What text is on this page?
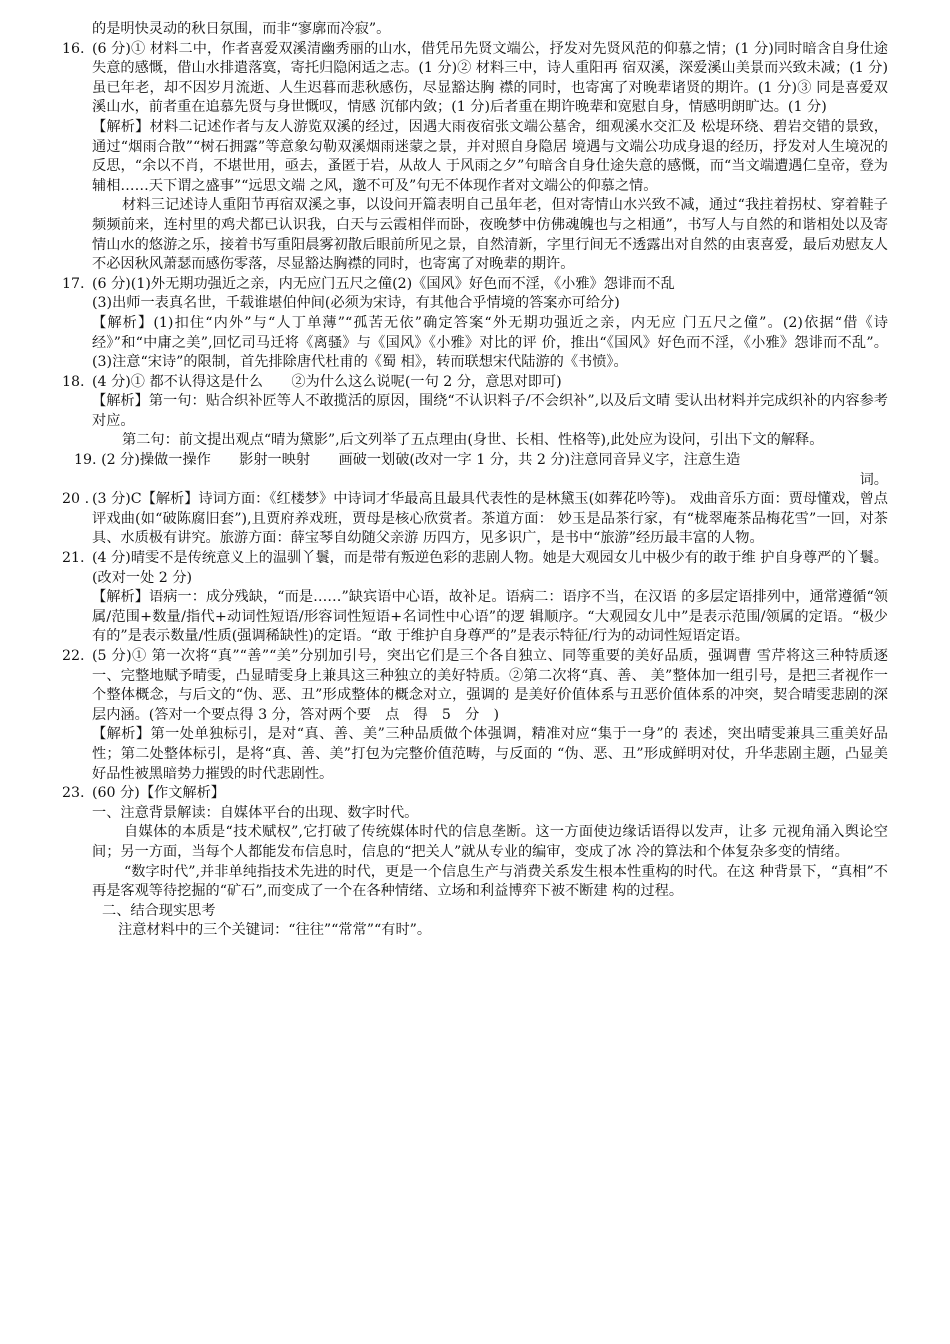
的是明快灵动的秋日氛围，而非“寥廓而冷寂”。

16. (6 分)① 材料二中，作者喜爱双溪清幽秀丽的山水，借凭吊先贤文端公，抒发对先贤风范的仰慕之情；(1 分)同时暗含自身仕途失意的感慨，借山水排遣落寞，寄托归隐闲适之志。(1 分)② 材料三中，诗人重阳再 宿双溪，深爱溪山美景而兴致未减；(1 分)虽已年老，却不因岁月流逝、人生迟暮而悲秋感伤，尽显豁达胸 襟的同时，也寄寓了对晚辈诸贤的期许。(1 分)③ 同是喜爱双溪山水，前者重在追慕先贤与身世慨叹，情感 沉郁内敛；(1 分)后者重在期许晚辈和宽慰自身，情感明朗旷达。(1 分)

【解析】材料二记述作者与友人游览双溪的经过，因遇大雨夜宿张文端公墓舍，细观溪水交汇及 松堤环绕、碧岩交错的景致，通过“烟雨合散”“树石拥露”等意象勾勒双溪烟雨迷蒙之景，并对照自身隐居 境遇与文端公功成身退的经历，抒发对人生境况的反思，“余以不肖，不堪世用，亟去，蚤匿于岩，从故人 于风雨之夕”句暗含自身仕途失意的感慨，而“当文端遭遇仁皇帝，登为辅相……天下谓之盛事”“远思文端 之风，邈不可及”句无不体现作者对文端公的仰慕之情。

材料三记述诗人重阳节再宿双溪之事，以设问开篇表明自己虽年老，但对寄情山水兴致不减，通过“我拄着拐杖、穿着鞋子频频前来，连村里的鸡犬都已认识我，白天与云霞相伴而卧，夜晚梦中仿佛魂魄也与之相通”，书写人与自然的和谐相处以及寄情山水的悠游之乐，接着书写重阳晨雾初散后眼前所见之景，自然清新，字里行间无不透露出对自然的由衷喜爱，最后劝慰友人不必因秋风萧瑟而感伤零落，尽显豁达胸襟的同时，也寄寓了对晚辈的期许。

17. (6 分)(1)外无期功强近之亲，内无应门五尺之僮(2)《国风》好色而不淫，《小雅》怨诽而不乱

(3)出师一表真名世，千载谁堪伯仲间(必须为宋诗，有其他合乎情境的答案亦可给分)

【解析】(1)扣住“内外”与“人丁单薄”“孤苦无依”确定答案“外无期功强近之亲，内无应 门五尺之僮”。(2)依据“借《诗经》”和“中庸之美”,回忆司马迁将《离骚》与《国风》《小雅》对比的评 价，推出“《国风》好色而不淫，《小雅》怨诽而不乱”。(3)注意“宋诗”的限制，首先排除唐代杜甫的《蜀 相》，转而联想宋代陆游的《书愤》。

18. (4 分)① 都不认得这是什么　　②为什么这么说呢(一句 2 分，意思对即可)

【解析】第一句：贴合织补匠等人不敢揽活的原因，围绕“不认识料子/不会织补”,以及后文晴 雯认出材料并完成织补的内容参考对应。

第二句：前文提出观点“晴为黛影”,后文列举了五点理由(身世、长相、性格等),此处应为设问，引出下文的解释。

19. (2 分)操做一操作　　影射一映射　　画破一划破(改对一字 1 分，共 2 分)注意同音异义字，注意生造

词。

20 . (3 分)C【解析】诗词方面：《红楼梦》中诗词才华最高且最具代表性的是林黛玉(如葬花吟等)。 戏曲音乐方面：贾母懂戏，曾点评戏曲(如“破陈腐旧套”),且贾府养戏班，贾母是核心欣赏者。茶道方面： 妙玉是品茶行家，有“栊翠庵茶品梅花雪”一回，对茶具、水质极有讲究。旅游方面：薛宝琴自幼随父亲游 历四方，见多识广，是书中“旅游”经历最丰富的人物。

21. (4 分)晴雯不是传统意义上的温驯丫鬟，而是带有叛逆色彩的悲剧人物。她是大观园女儿中极少有的敢于维 护自身尊严的丫鬟。(改对一处 2 分)

【解析】语病一：成分残缺，“而是……”缺宾语中心语，故补足。语病二：语序不当，在汉语 的多层定语排列中，通常遵循“领属/范围+数量/指代+动词性短语/形容词性短语+名词性中心语”的逻 辑顺序。“大观园女儿中”是表示范围/领属的定语。“极少有的”是表示数量/性质(强调稀缺性)的定语。“敢 于维护自身尊严的”是表示特征/行为的动词性短语定语。

22. (5 分)① 第一次将“真”“善”“美”分别加引号，突出它们是三个各自独立、同等重要的美好品质，强调曹 雪芹将这三种特质逐一、完整地赋予晴雯，凸显晴雯身上兼具这三种独立的美好特质。②第二次将“真、善、 美”整体加一组引号，是把三者视作一个整体概念，与后文的“伪、恶、丑”形成整体的概念对立，强调的 是美好价值体系与丑恶价值体系的冲突，契合晴雯悲剧的深层内涵。(答对一个要点得 3 分，答对两个要　点　得　5　分　)

【解析】第一处单独标引，是对“真、善、美”三种品质做个体强调，精准对应“集于一身”的 表述，突出晴雯兼具三重美好品性；第二处整体标引，是将“真、善、美”打包为完整价值范畴，与反面的 “伪、恶、丑”形成鲜明对仗，升华悲剧主题，凸显美好品性被黑暗势力摧毁的时代悲剧性。

23. (60 分)【作文解析】

一、注意背景解读：自媒体平台的出现、数字时代。

自媒体的本质是“技术赋权”,它打破了传统媒体时代的信息垄断。这一方面使边缘话语得以发声，让多 元视角涌入舆论空间；另一方面，当每个人都能发布信息时，信息的“把关人”就从专业的编审，变成了冰 冷的算法和个体复杂多变的情绪。

“数字时代”,并非单纯指技术先进的时代，更是一个信息生产与消费关系发生根本性重构的时代。在这 种背景下，“真相”不再是客观等待挖掘的“矿石”,而变成了一个在各种情绪、立场和利益博弈下被不断建 构的过程。

二、结合现实思考

注意材料中的三个关键词：“往往”“常常”“有时”。
